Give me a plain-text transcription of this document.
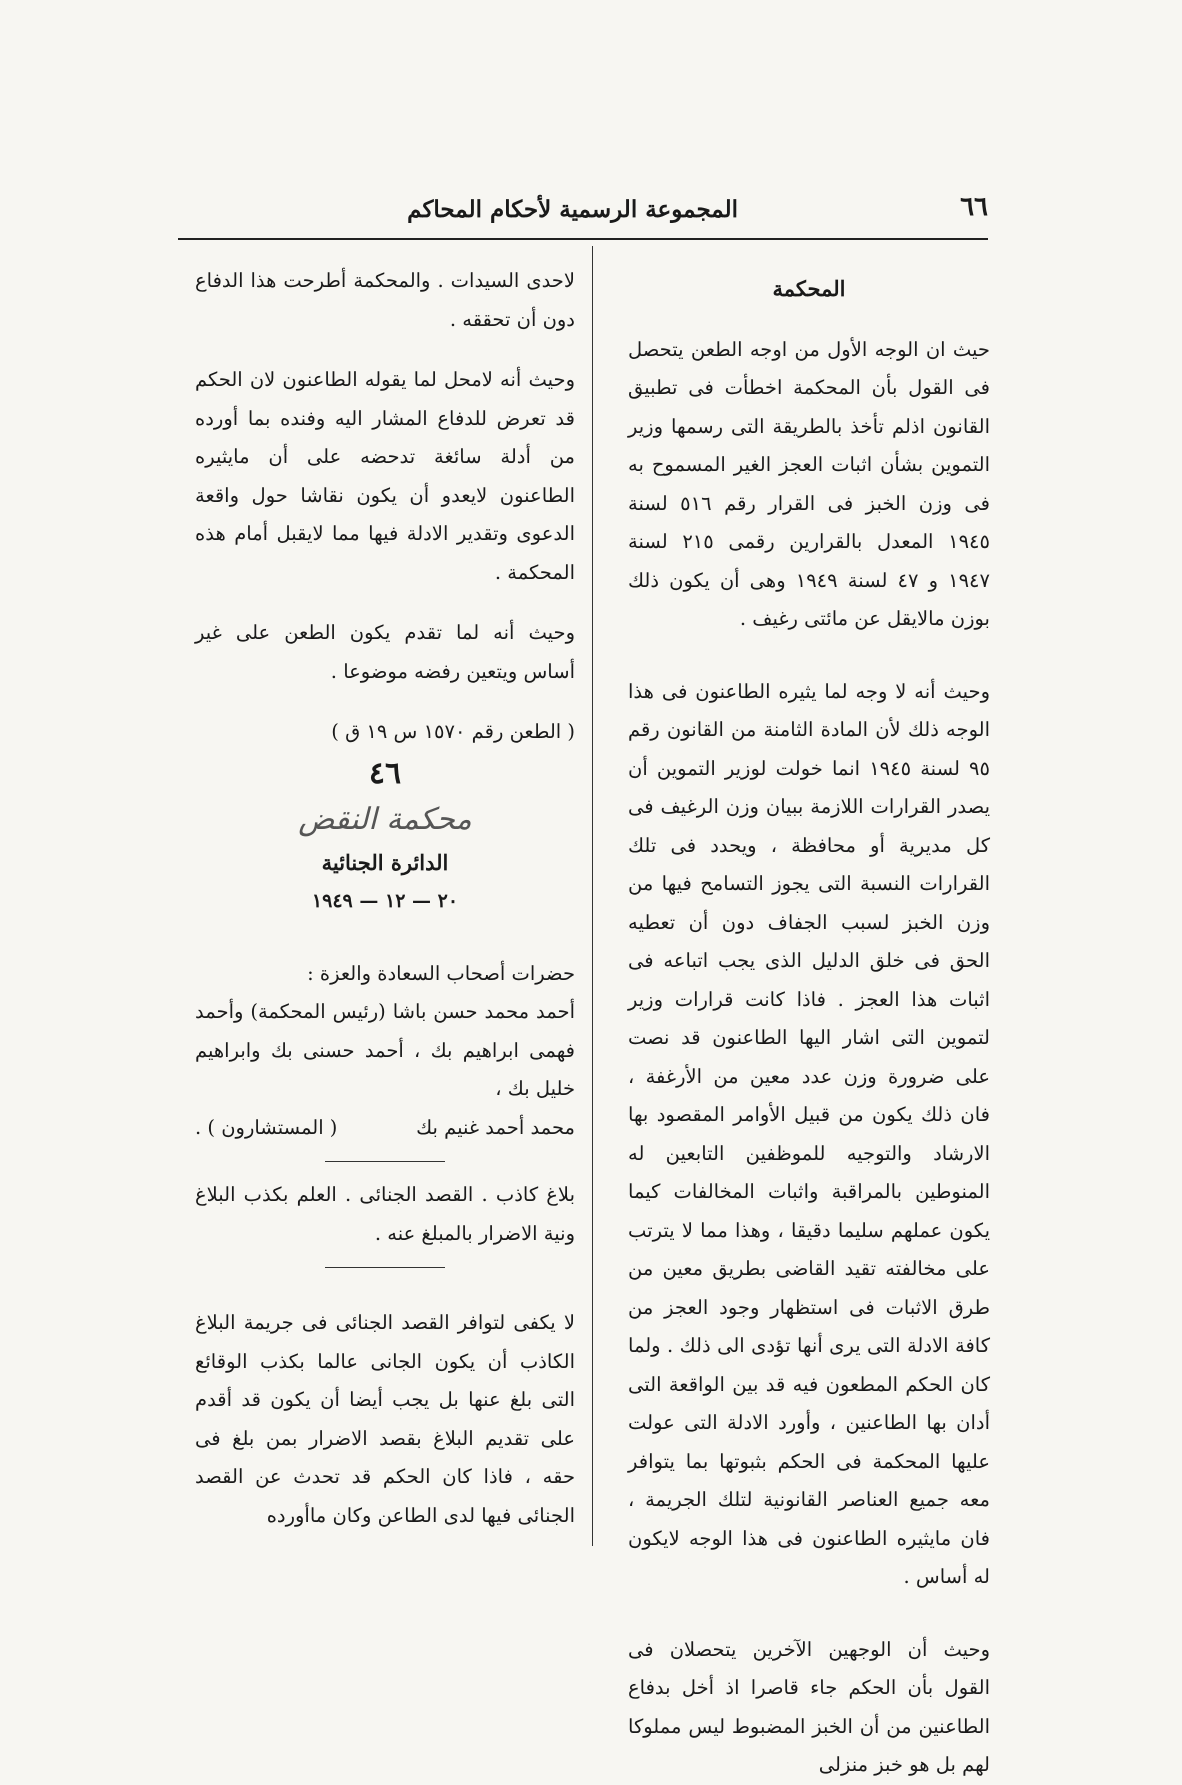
٦٦
المجموعة الرسمية لأحكام المحاكم

المحكمة

حيث ان الوجه الأول من اوجه الطعن يتحصل فى القول بأن المحكمة اخطأت فى تطبيق القانون اذلم تأخذ بالطريقة التى رسمها وزير التموين بشأن اثبات العجز الغير المسموح به فى وزن الخبز فى القرار رقم ٥١٦ لسنة ١٩٤٥ المعدل بالقرارين رقمى ٢١٥ لسنة ١٩٤٧ و ٤٧ لسنة ١٩٤٩ وهى أن يكون ذلك بوزن مالايقل عن مائتى رغيف .

وحيث أنه لا وجه لما يثيره الطاعنون فى هذا الوجه ذلك لأن المادة الثامنة من القانون رقم ٩٥ لسنة ١٩٤٥ انما خولت لوزير التموين أن يصدر القرارات اللازمة ببيان وزن الرغيف فى كل مديرية أو محافظة ، ويحدد فى تلك القرارات النسبة التى يجوز التسامح فيها من وزن الخبز لسبب الجفاف دون أن تعطيه الحق فى خلق الدليل الذى يجب اتباعه فى اثبات هذا العجز . فاذا كانت قرارات وزير لتموين التى اشار اليها الطاعنون قد نصت على ضرورة وزن عدد معين من الأرغفة ، فان ذلك يكون من قبيل الأوامر المقصود بها الارشاد والتوجيه للموظفين التابعين له المنوطين بالمراقبة واثبات المخالفات كيما يكون عملهم سليما دقيقا ، وهذا مما لا يترتب على مخالفته تقيد القاضى بطريق معين من طرق الاثبات فى استظهار وجود العجز من كافة الادلة التى يرى أنها تؤدى الى ذلك . ولما كان الحكم المطعون فيه قد بين الواقعة التى أدان بها الطاعنين ، وأورد الادلة التى عولت عليها المحكمة فى الحكم بثبوتها بما يتوافر معه جميع العناصر القانونية لتلك الجريمة ، فان مايثيره الطاعنون فى هذا الوجه لايكون له أساس .

وحيث أن الوجهين الآخرين يتحصلان فى القول بأن الحكم جاء قاصرا اذ أخل بدفاع الطاعنين من أن الخبز المضبوط ليس مملوكا لهم بل هو خبز منزلى

لاحدى السيدات . والمحكمة أطرحت هذا الدفاع دون أن تحققه .

وحيث أنه لامحل لما يقوله الطاعنون لان الحكم قد تعرض للدفاع المشار اليه وفنده بما أورده من أدلة سائغة تدحضه على أن مايثيره الطاعنون لايعدو أن يكون نقاشا حول واقعة الدعوى وتقدير الادلة فيها مما لايقبل أمام هذه المحكمة .

وحيث أنه لما تقدم يكون الطعن على غير أساس ويتعين رفضه موضوعا .

( الطعن رقم ١٥٧٠ س ١٩ ق )

٤٦

محكمة النقض

الدائرة الجنائية

٢٠ — ١٢ — ١٩٤٩

حضرات أصحاب السعادة والعزة :

أحمد محمد حسن باشا (رئيس المحكمة) وأحمد فهمى ابراهيم بك ، أحمد حسنى بك وابراهيم خليل بك ،

محمد أحمد غنيم بك
( المستشارون ) .

بلاغ كاذب . القصد الجنائى . العلم بكذب البلاغ ونية الاضرار بالمبلغ عنه .

لا يكفى لتوافر القصد الجنائى فى جريمة البلاغ الكاذب أن يكون الجانى عالما بكذب الوقائع التى بلغ عنها بل يجب أيضا أن يكون قد أقدم على تقديم البلاغ بقصد الاضرار بمن بلغ فى حقه ، فاذا كان الحكم قد تحدث عن القصد الجنائى فيها لدى الطاعن وكان ماأورده
